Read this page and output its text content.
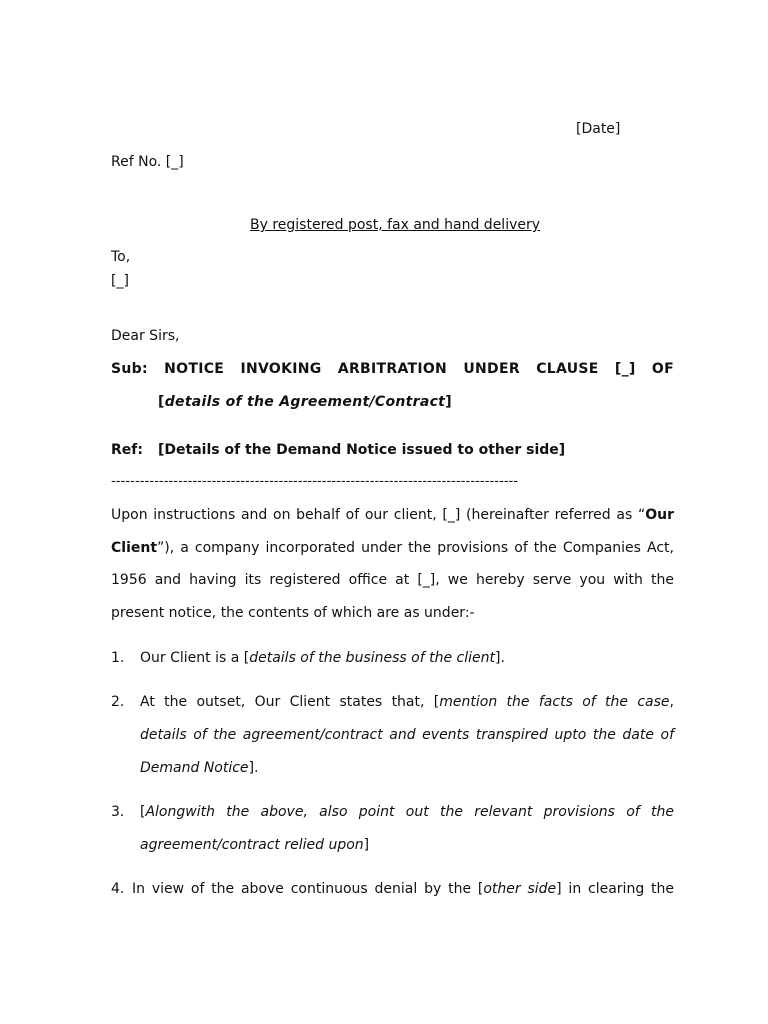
[Date]
Ref No. [_]
By registered post, fax and hand delivery
To,
[_]
Dear Sirs,
Sub: NOTICE INVOKING ARBITRATION UNDER CLAUSE [_] OF
[details of the Agreement/Contract]
Ref: [Details of the Demand Notice issued to other side]
-------------------------------------------------------------------------------------
Upon instructions and on behalf of our client, [_] (hereinafter referred as “Our
Client”), a company incorporated under the provisions of the Companies Act,
1956 and having its registered office at [_], we hereby serve you with the
present notice, the contents of which are as under:-
1. Our Client is a [details of the business of the client].
2. At the outset, Our Client states that, [mention the facts of the case,
details of the agreement/contract and events transpired upto the date of
Demand Notice].
3. [Alongwith the above, also point out the relevant provisions of the
agreement/contract relied upon]
4. In view of the above continuous denial by the [other side] in clearing the
